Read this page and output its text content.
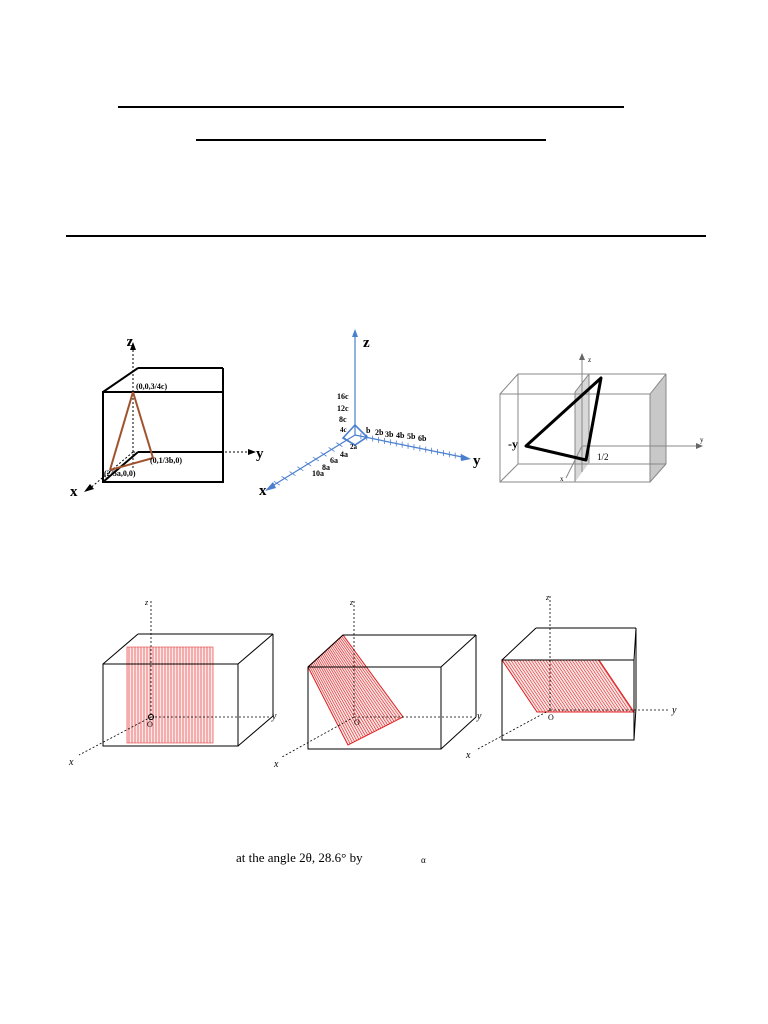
z
y
x
(0,0,3/4c)
(0,1/3b,0)
(2/3a,0,0)
z
y
x
16c
12c
8c
4c b 2b 3b 4b 5b 6b
2a
4a
6a
8a
10a
z
y
-y
x
1/2
z
y
x
O
z
y
x
O
z
y
x
O
at the angle 2θ, 28.6° by	α
